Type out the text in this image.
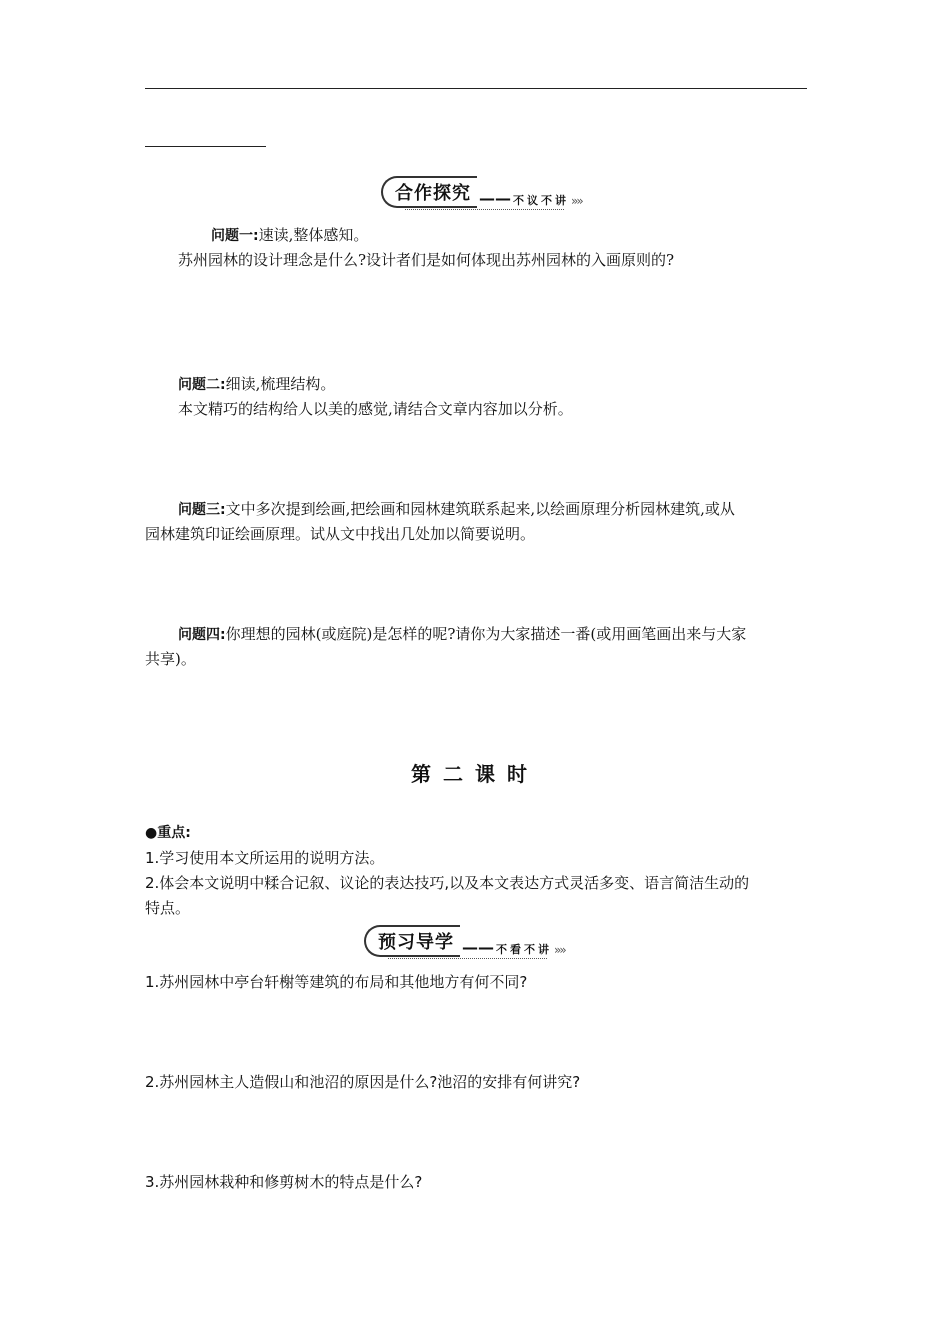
合作探究 —— 不议不讲 »»
问题一:速读,整体感知。
苏州园林的设计理念是什么?设计者们是如何体现出苏州园林的入画原则的?
问题二:细读,梳理结构。
本文精巧的结构给人以美的感觉,请结合文章内容加以分析。
问题三:文中多次提到绘画,把绘画和园林建筑联系起来,以绘画原理分析园林建筑,或从
园林建筑印证绘画原理。试从文中找出几处加以简要说明。
问题四:你理想的园林(或庭院)是怎样的呢?请你为大家描述一番(或用画笔画出来与大家
共享)。
第二课时
●重点:
1.学习使用本文所运用的说明方法。
2.体会本文说明中糅合记叙、议论的表达技巧,以及本文表达方式灵活多变、语言简洁生动的
特点。
预习导学 —— 不看不讲 »»
1.苏州园林中亭台轩榭等建筑的布局和其他地方有何不同?
2.苏州园林主人造假山和池沼的原因是什么?池沼的安排有何讲究?
3.苏州园林栽种和修剪树木的特点是什么?
